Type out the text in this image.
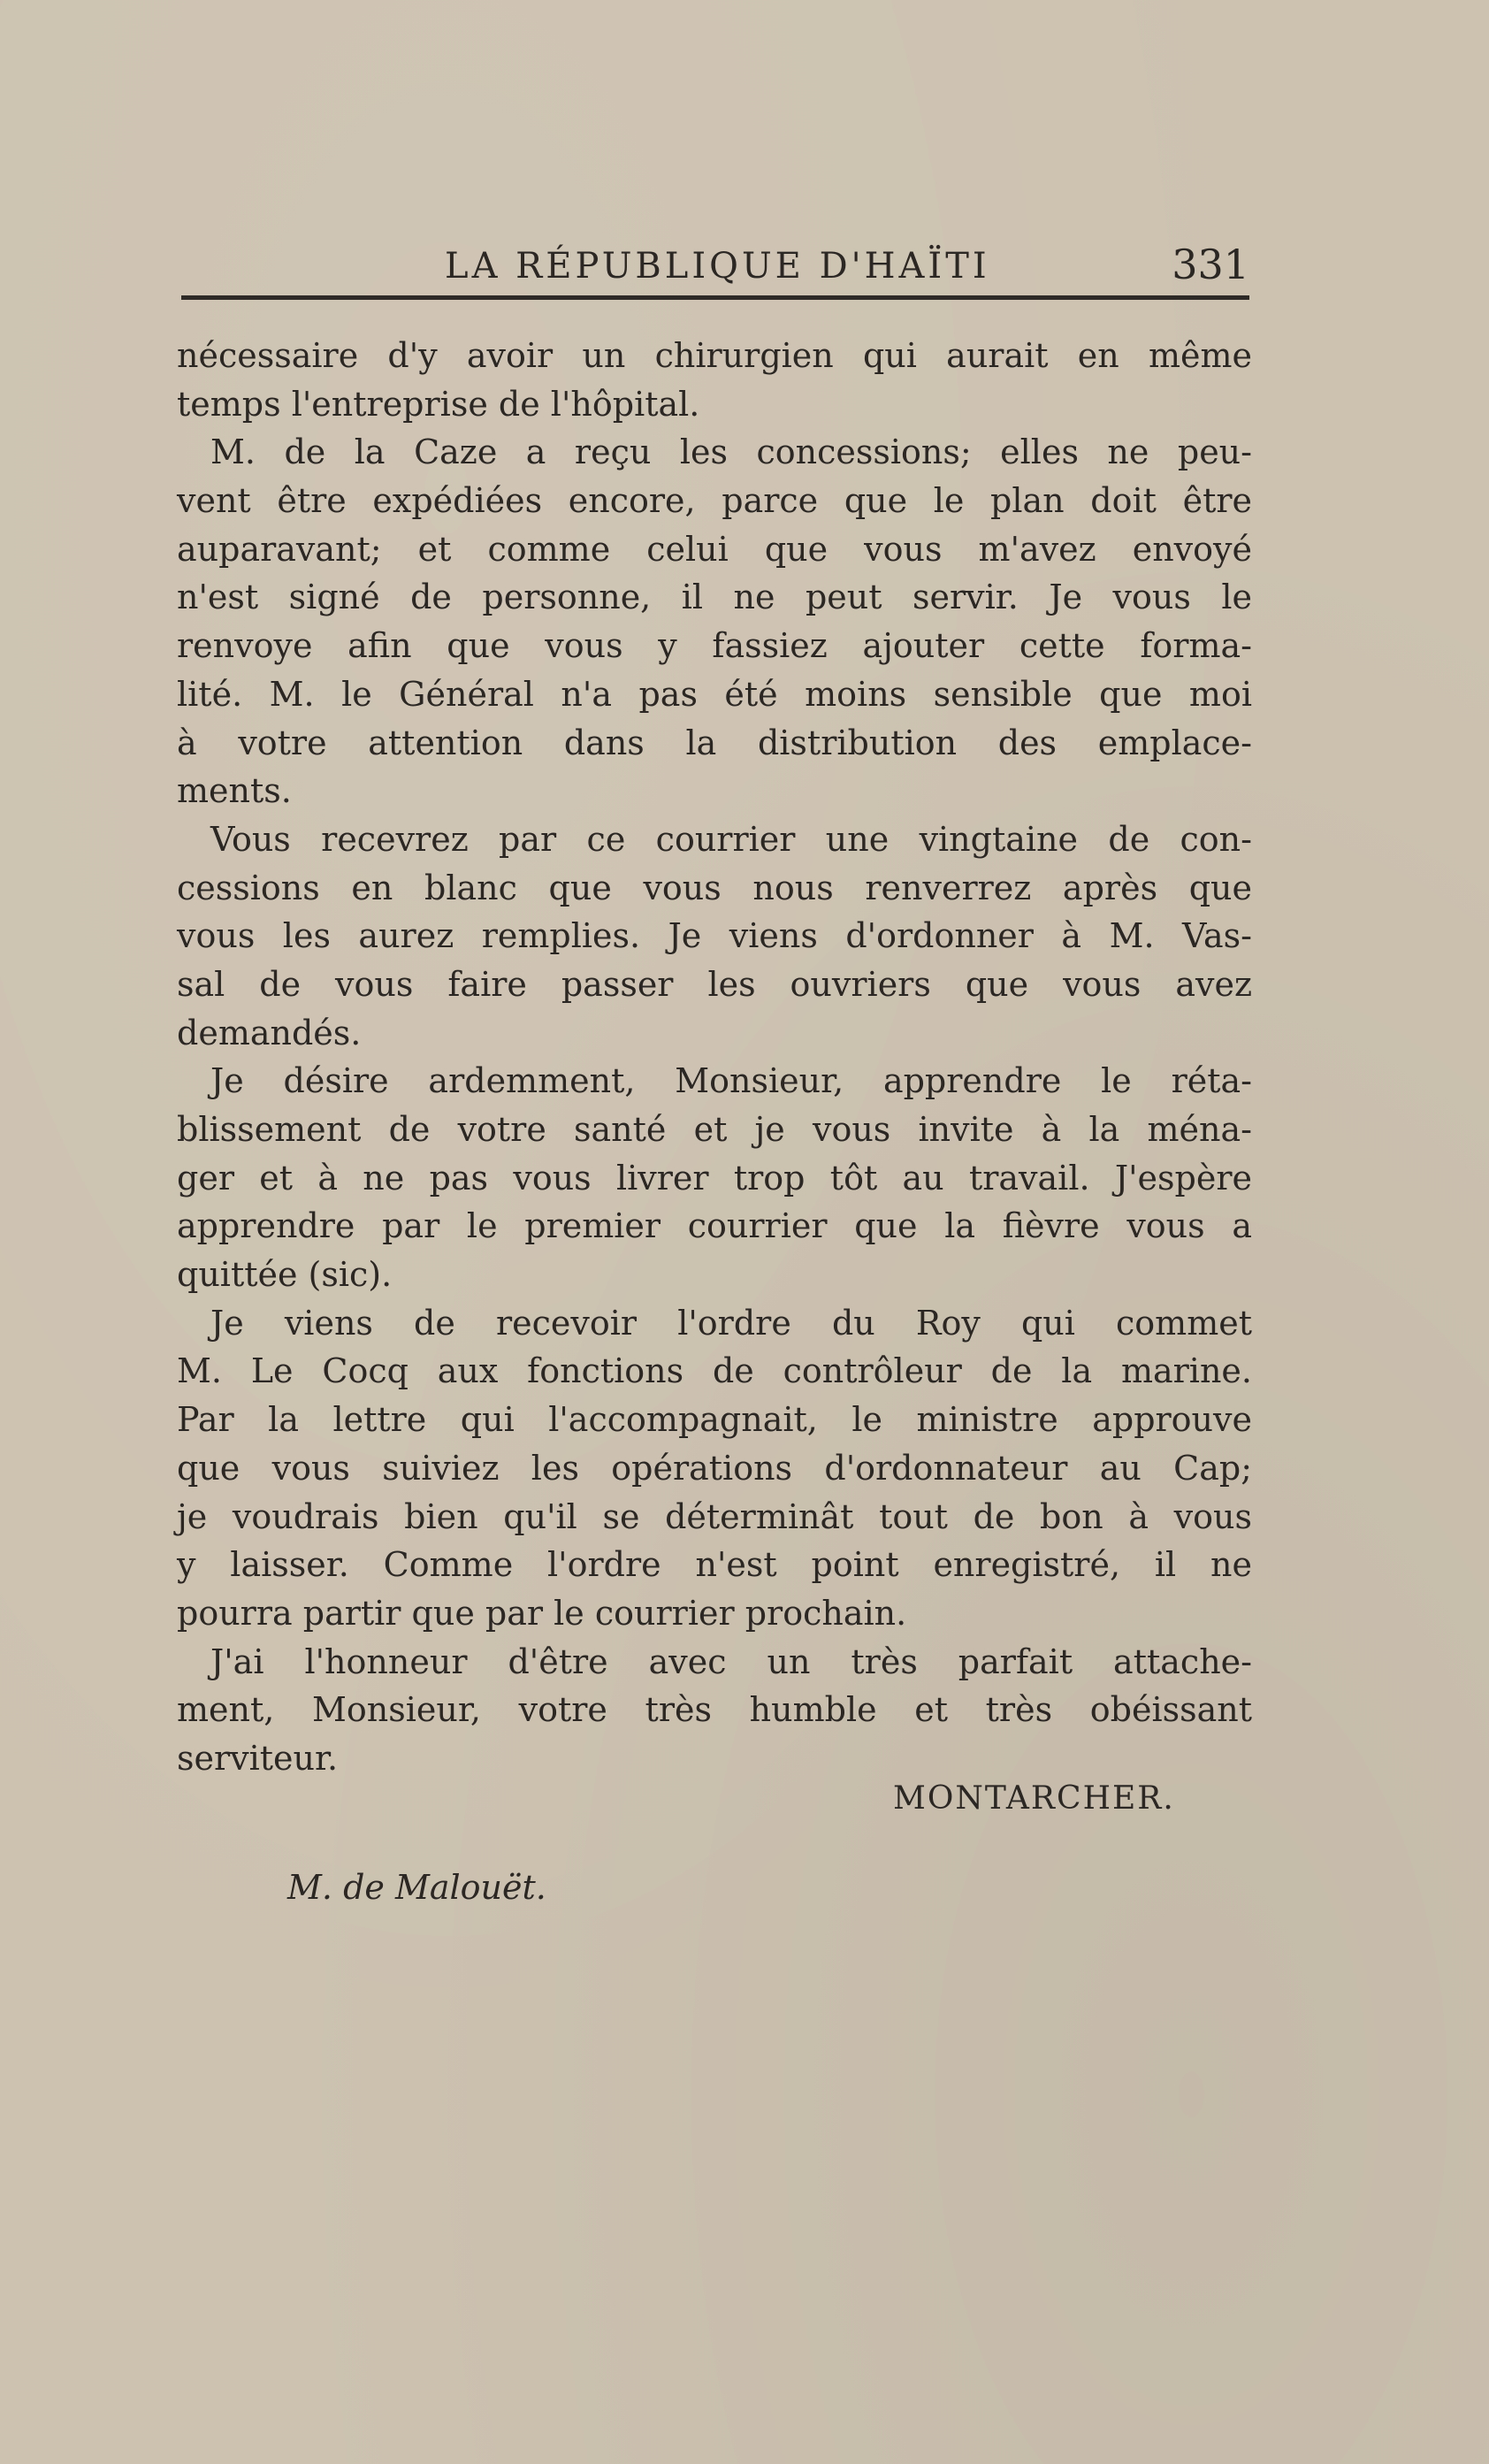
LA RÉPUBLIQUE D'HAÏTI	331
nécessaire d'y avoir un chirurgien qui aurait en même
temps l'entreprise de l'hôpital.
M. de la Caze a reçu les concessions; elles ne peu-
vent être expédiées encore, parce que le plan doit être
auparavant; et comme celui que vous m'avez envoyé
n'est signé de personne, il ne peut servir. Je vous le
renvoye afin que vous y fassiez ajouter cette forma-
lité. M. le Général n'a pas été moins sensible que moi
à votre attention dans la distribution des emplace-
ments.
Vous recevrez par ce courrier une vingtaine de con-
cessions en blanc que vous nous renverrez après que
vous les aurez remplies. Je viens d'ordonner à M. Vas-
sal de vous faire passer les ouvriers que vous avez
demandés.
Je désire ardemment, Monsieur, apprendre le réta-
blissement de votre santé et je vous invite à la ména-
ger et à ne pas vous livrer trop tôt au travail. J'espère
apprendre par le premier courrier que la fièvre vous a
quittée (sic).
Je viens de recevoir l'ordre du Roy qui commet
M. Le Cocq aux fonctions de contrôleur de la marine.
Par la lettre qui l'accompagnait, le ministre approuve
que vous suiviez les opérations d'ordonnateur au Cap;
je voudrais bien qu'il se déterminât tout de bon à vous
y laisser. Comme l'ordre n'est point enregistré, il ne
pourra partir que par le courrier prochain.
J'ai l'honneur d'être avec un très parfait attache-
ment, Monsieur, votre très humble et très obéissant
serviteur.
MONTARCHER.
M. de Malouët.
